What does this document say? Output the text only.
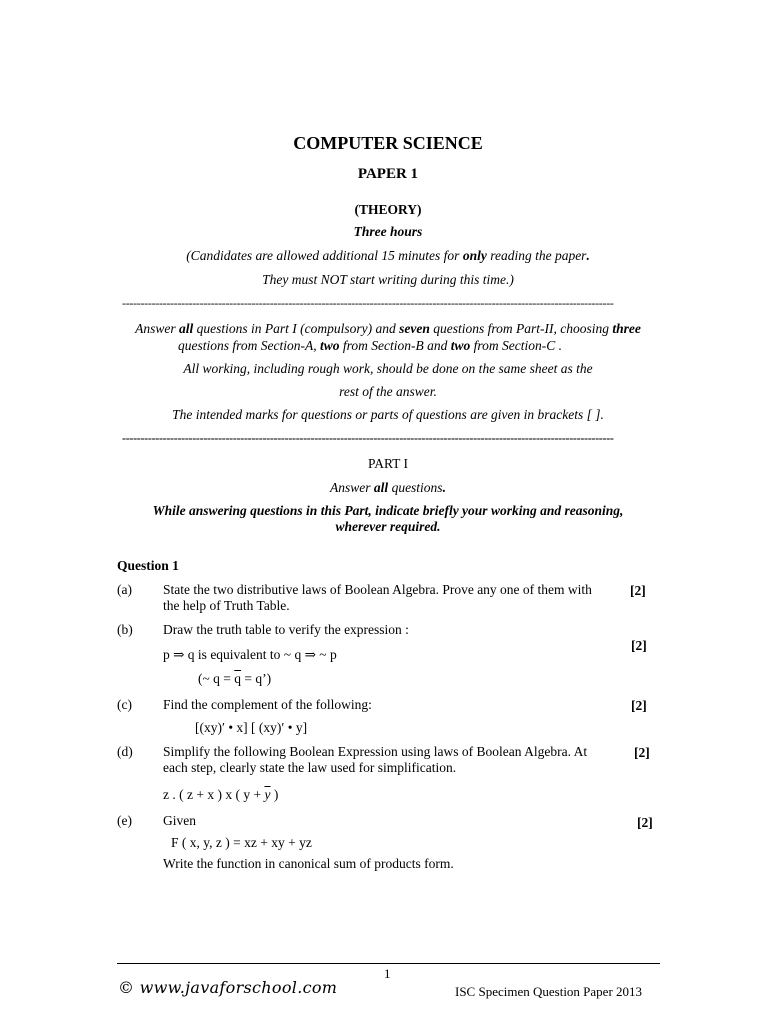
COMPUTER SCIENCE
PAPER 1
(THEORY)
Three hours
(Candidates are allowed additional 15 minutes for only reading the paper.
They must NOT start writing during this time.)
-------------------------------------------------------------------------------------------------------------------------------------
Answer all questions in Part I (compulsory) and seven questions from Part-II, choosing three
questions from Section-A, two from Section-B and two from Section-C .
All working, including rough work, should be done on the same sheet as the
rest of the answer.
The intended marks for questions or parts of questions are given in brackets [ ].
-------------------------------------------------------------------------------------------------------------------------------------
PART I
Answer all questions.
While answering questions in this Part, indicate briefly your working and reasoning,
wherever required.
Question 1
(a) State the two distributive laws of Boolean Algebra. Prove any one of them with
the help of Truth Table.
[2]
(b) Draw the truth table to verify the expression :
p ⇒ q is equivalent to ~ q ⇒ ~ p
(~ $q = \overline{q}$ = q’)
[2]
(c) Find the complement of the following:
[(xy)′ • x] [ (xy)′ • y]
[2]
(d) Simplify the following Boolean Expression using laws of Boolean Algebra. At
each step, clearly state the law used for simplification.
z . ( z + x ) x ( $y + \overline{y}$ )
[2]
(e) Given
F ( x, y, z ) = xz + xy + yz
Write the function in canonical sum of products form.
[2]
1
© www.javaforschool.com	ISC Specimen Question Paper 2013
